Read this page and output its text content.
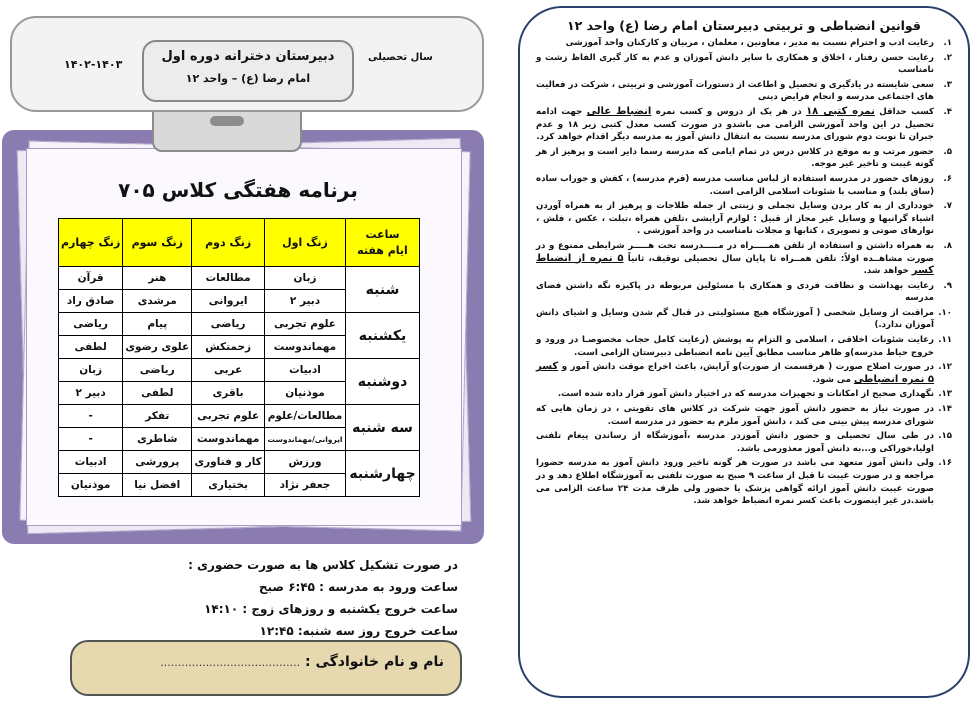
دبیرستان دخترانه دوره اول
امام رضا (ع) – واحد ۱۲
سال تحصیلی
۱۴۰۲-۱۴۰۳
برنامه هفتگی کلاس ۷۰۵
ساعت
ایام هفته	زنگ اول	زنگ دوم	زنگ سوم	زنگ چهارم
شنبه	زبان	مطالعات	هنر	قرآن
	دبیر ۲	ایروانی	مرشدی	صادق راد
یکشنبه	علوم تجربی	ریاضی	پیام	ریاضی
	مهماندوست	زحمتکش	علوی رضوی	لطفی
دوشنبه	ادبیات	عربی	ریاضی	زبان
	موذنیان	باقری	لطفی	دبیر ۲
سه شنبه	مطالعات/علوم	علوم تجربی	تفکر	-
	ایروانی/مهماندوست	مهماندوست	شاطری	-
چهارشنبه	ورزش	کار و فناوری	پرورشی	ادبیات
	جعفر نژاد	بختیاری	افضل نیا	موذنیان
در صورت تشکیل کلاس ها به صورت حضوری :
ساعت ورود به مدرسه : ۶:۴۵ صبح
ساعت خروج یکشنبه و روزهای زوج : ۱۴:۱۰
ساعت خروج روز سه شنبه: ۱۲:۴۵
نام و نام خانوادگی : ........................................
قوانین انضباطی و تربیتی دبیرستان امام رضا (ع) واحد ۱۲
۱.
رعایت ادب و احترام نسبت به مدیر ، معاونین ، معلمان ، مربیان و کارکنان واحد آموزشی
۲.
رعایت حسن رفتار ، اخلاق و همکاری با سایر دانش آموزان و عدم به کار گیری الفاظ زشت و نامناسب
۳.
سعی شایسته در یادگیری و تحصیل و اطاعت از دستورات آموزشی و تربیتی ، شرکت در فعالیت های اجتماعی مدرسه و انجام فرایض دینی
۴.
کسب حداقل نمره کتبی ۱۸ در هر یک از دروس و کسب نمره انضباط عالی جهت ادامه تحصیل در این واحد آموزشی الزامی می باشدو در صورت کسب معدل کتبی زیر ۱۸ و عدم جبران تا نوبت دوم شورای مدرسه نسبت به انتقال دانش آموز به مدرسه دیگر اقدام خواهد کرد.
۵.
حضور مرتب و به موقع در کلاس درس در تمام ایامی که مدرسه رسما دایر است و پرهیز از هر گونه غیبت و تاخیر غیر موجه.
۶.
روزهای حضور در مدرسه استفاده از لباس مناسب مدرسه (فرم مدرسه) ، کفش و جوراب ساده (ساق بلند) و مناسب با شئونات اسلامی الزامی است.
۷.
خودداری از به کار بردن وسایل تجملی و زینتی از جمله طلاجات و پرهیز از به همراه آوردن اشیاء گرانبها و وسایل غیر مجاز از قبیل : لوازم آرایشی ،تلفن همراه ،تبلت ، عکس ، فلش ، نوارهای صوتی و تصویری ، کتابها و مجلات نامناسب در واحد آموزشی .
۸.
به همراه داشتن و استفاده از تلفن همـــــراه در مـــــدرسه تحت هـــــر شرایطی ممنوع و در صورت مشاهــده اولاً: تلفن همــراه تا پایان سال تحصیلی توقیف، ثانیاً ۵ نمره از انضباط کسر خواهد شد.
۹.
رعایت بهداشت و نظافت فردی و همکاری با مسئولین مربوطه در پاکیزه نگه داشتن فضای مدرسه
۱۰.
مراقبت از وسایل شخصی ( آموزشگاه هیچ مسئولیتی در قبال گم شدن وسایل و اشیای دانش آموزان ندارد.)
۱۱.
رعایت شئونات اخلاقی ، اسلامی و التزام به پوشش (رعایت کامل حجاب مخصوصـا در ورود و خروج حیاط مدرسه)و ظاهر مناسب مطابق آیین نامه انضباطی دبیرستان الزامی است.
۱۲.
در صورت اصلاح صورت ( هرقسمت از صورت)و آرایش، باعث اخراج موقت دانش آموز و کسر ۵ نمره انضباطی می شود.
۱۳.
نگهداری صحیح از امکانات و تجهیزات مدرسه که در اختیار دانش آموز قرار داده شده است.
۱۴.
در صورت نیاز به حضور دانش آموز جهت شرکت در کلاس های تقویتی ، در زمان هایی که شورای مدرسه پیش بینی می کند ، دانش آموز ملزم به حضور در مدرسه است.
۱۵.
در طی سال تحصیلی و حضور دانش آموزدر مدرسه ،آموزشگاه از رساندن پیغام تلفنی اولیا،خوراکی و...به دانش آموز معذورمی باشد.
۱۶.
ولی دانش آموز متعهد می باشد در صورت هر گونه تاخیر ورود دانش آموز به مدرسه حضورا مراجعه و در صورت غیبت تا قبل از ساعت ۹ صبح به صورت تلفنی به آموزشگاه اطلاع دهد و در صورت غیبت دانش آموز ارائه گواهی پزشک یا حضور ولی ظرف مدت ۲۴ ساعت الزامی می باشد.در غیر اینصورت باعث کسر نمره انضباط خواهد شد.
